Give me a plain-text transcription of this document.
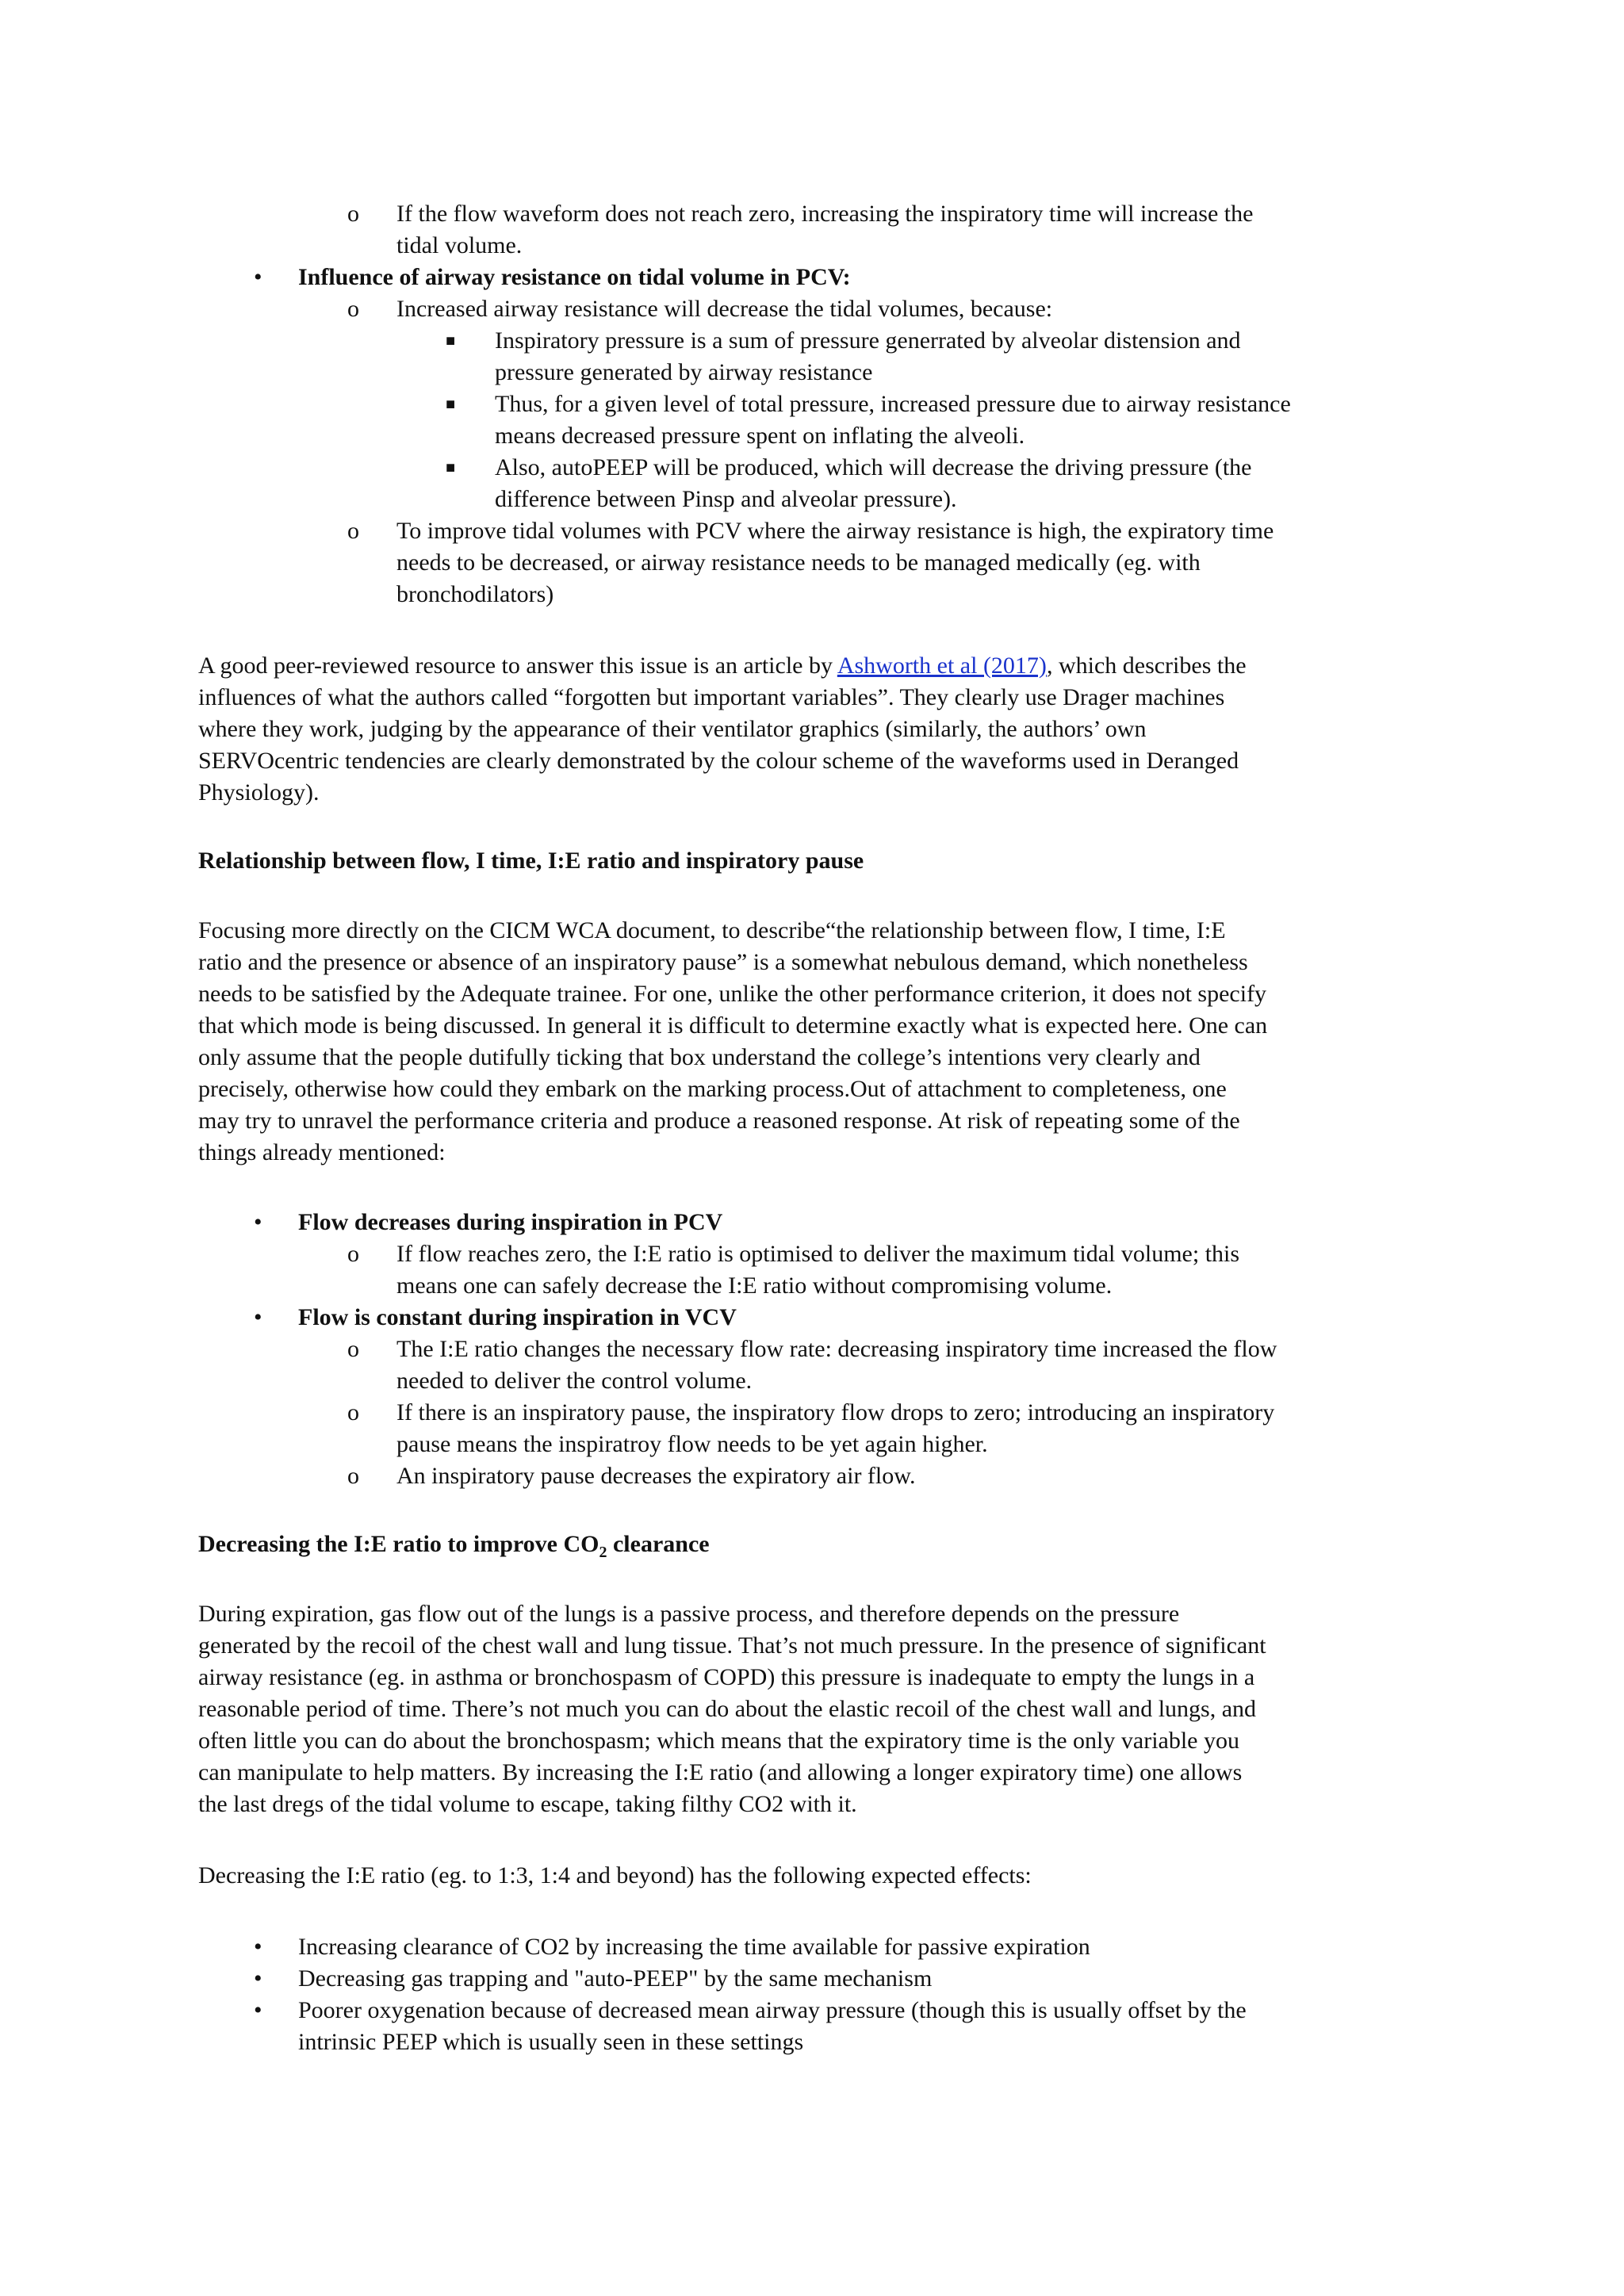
o If the flow waveform does not reach zero, increasing the inspiratory time will increase the
tidal volume.
•
Influence of airway resistance on tidal volume in PCV:
o Increased airway resistance will decrease the tidal volumes, because:
■ Inspiratory pressure is a sum of pressure generrated by alveolar distension and
pressure generated by airway resistance
■ Thus, for a given level of total pressure, increased pressure due to airway resistance
means decreased pressure spent on inflating the alveoli.
■ Also, autoPEEP will be produced, which will decrease the driving pressure (the
difference between Pinsp and alveolar pressure).
o To improve tidal volumes with PCV where the airway resistance is high, the expiratory time
needs to be decreased, or airway resistance needs to be managed medically (eg. with
bronchodilators)
A good peer-reviewed resource to answer this issue is an article by Ashworth et al (2017), which describes the
influences of what the authors called “forgotten but important variables”. They clearly use Drager machines
where they work, judging by the appearance of their ventilator graphics (similarly, the authors’ own
SERVOcentric tendencies are clearly demonstrated by the colour scheme of the waveforms used in Deranged
Physiology).
Relationship between flow, I time, I:E ratio and inspiratory pause
Focusing more directly on the CICM WCA document, to describe“the relationship between flow, I time, I:E
ratio and the presence or absence of an inspiratory pause” is a somewhat nebulous demand, which nonetheless
needs to be satisfied by the Adequate trainee. For one, unlike the other performance criterion, it does not specify
that which mode is being discussed. In general it is difficult to determine exactly what is expected here. One can
only assume that the people dutifully ticking that box understand the college’s intentions very clearly and
precisely, otherwise how could they embark on the marking process.Out of attachment to completeness, one
may try to unravel the performance criteria and produce a reasoned response. At risk of repeating some of the
things already mentioned:
•
Flow decreases during inspiration in PCV
o If flow reaches zero, the I:E ratio is optimised to deliver the maximum tidal volume; this
means one can safely decrease the I:E ratio without compromising volume.
•
Flow is constant during inspiration in VCV
o The I:E ratio changes the necessary flow rate: decreasing inspiratory time increased the flow
needed to deliver the control volume.
o If there is an inspiratory pause, the inspiratory flow drops to zero; introducing an inspiratory
pause means the inspiratroy flow needs to be yet again higher.
o An inspiratory pause decreases the expiratory air flow.
Decreasing the I:E ratio to improve $CO_2$ clearance
During expiration, gas flow out of the lungs is a passive process, and therefore depends on the pressure
generated by the recoil of the chest wall and lung tissue. That’s not much pressure. In the presence of significant
airway resistance (eg. in asthma or bronchospasm of COPD) this pressure is inadequate to empty the lungs in a
reasonable period of time. There’s not much you can do about the elastic recoil of the chest wall and lungs, and
often little you can do about the bronchospasm; which means that the expiratory time is the only variable you
can manipulate to help matters. By increasing the I:E ratio (and allowing a longer expiratory time) one allows
the last dregs of the tidal volume to escape, taking filthy CO2 with it.
Decreasing the I:E ratio (eg. to 1:3, 1:4 and beyond) has the following expected effects:
•
Increasing clearance of CO2 by increasing the time available for passive expiration
•
Decreasing gas trapping and "auto-PEEP" by the same mechanism
•
Poorer oxygenation because of decreased mean airway pressure (though this is usually offset by the
intrinsic PEEP which is usually seen in these settings
